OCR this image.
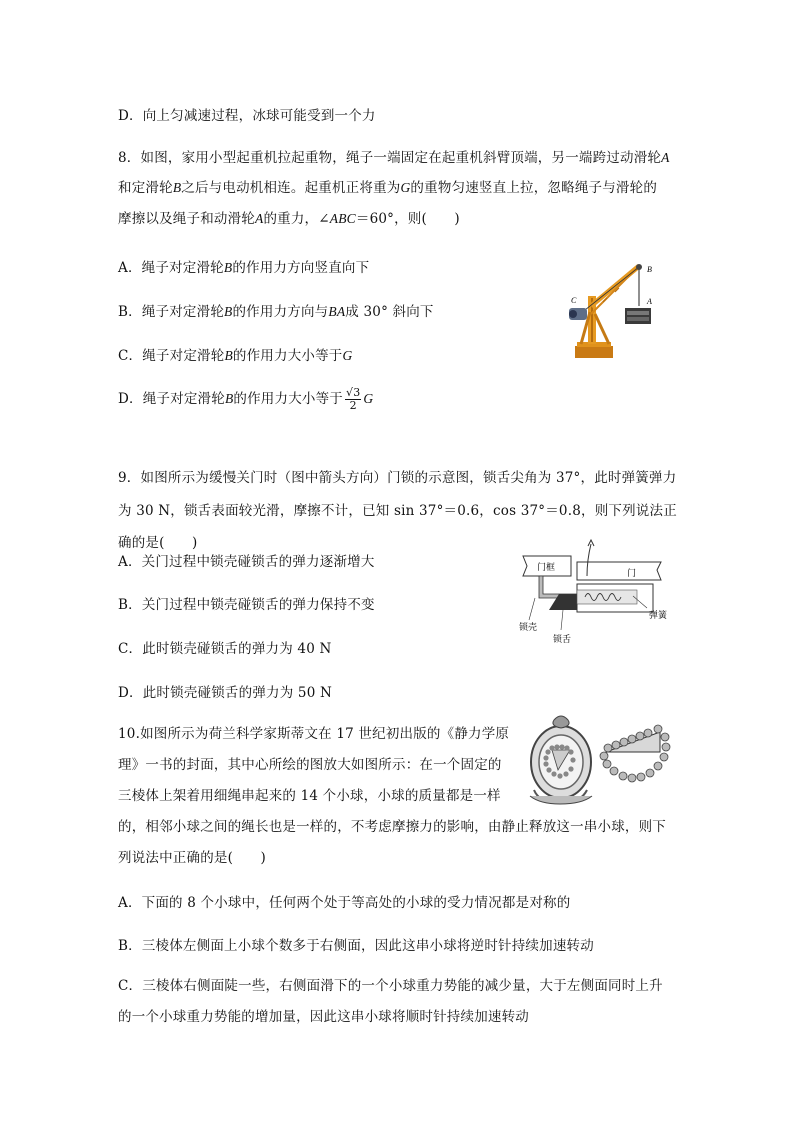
D．向上匀减速过程，冰球可能受到一个力
8．如图，家用小型起重机拉起重物，绳子一端固定在起重机斜臂顶端，另一端跨过动滑轮A
和定滑轮B之后与电动机相连。起重机正将重为G的重物匀速竖直上拉，忽略绳子与滑轮的
摩擦以及绳子和动滑轮A的重力，∠ABC＝60°，则(　　)
A．绳子对定滑轮B的作用力方向竖直向下
B．绳子对定滑轮B的作用力方向与BA成 30° 斜向下
C．绳子对定滑轮B的作用力大小等于G
D．绳子对定滑轮B的作用力大小等于 $\frac{√3}{2}$ G
B
A
C
9．如图所示为缓慢关门时（图中箭头方向）门锁的示意图，锁舌尖角为 37°，此时弹簧弹力
为 30 N，锁舌表面较光滑，摩擦不计，已知 sin 37°＝0.6，cos 37°＝0.8，则下列说法正
确的是(　　)
A．关门过程中锁壳碰锁舌的弹力逐渐增大
B．关门过程中锁壳碰锁舌的弹力保持不变
C．此时锁壳碰锁舌的弹力为 40 N
D．此时锁壳碰锁舌的弹力为 50 N
门框
门
弹簧
锁壳
锁舌
10.如图所示为荷兰科学家斯蒂文在 17 世纪初出版的《静力学原
理》一书的封面，其中心所绘的图放大如图所示：在一个固定的
三棱体上架着用细绳串起来的 14 个小球，小球的质量都是一样
的，相邻小球之间的绳长也是一样的，不考虑摩擦力的影响，由静止释放这一串小球，则下
列说法中正确的是(　　)
A．下面的 8 个小球中，任何两个处于等高处的小球的受力情况都是对称的
B．三棱体左侧面上小球个数多于右侧面，因此这串小球将逆时针持续加速转动
C．三棱体右侧面陡一些，右侧面滑下的一个小球重力势能的减少量，大于左侧面同时上升
的一个小球重力势能的增加量，因此这串小球将顺时针持续加速转动
